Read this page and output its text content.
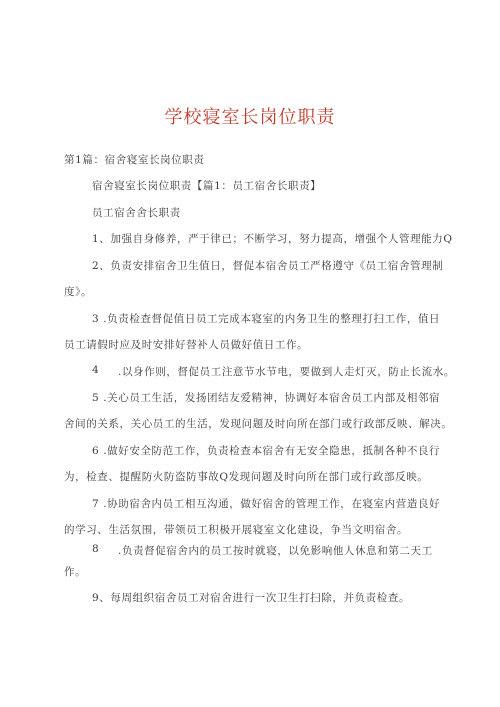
学校寝室长岗位职责
第1篇：宿舍寝室长岗位职责
宿舍寝室长岗位职责【篇1：员工宿舍长职责】
员工宿舍舍长职责
1、加强自身修养，严于律已；不断学习，努力提高，增强个人管理能力Q
2、负责安排宿舍卫生值日，督促本宿舍员工严格遵守《员工宿舍管理制
度》。
3 .负责检查督促值日员工完成本寝室的内务卫生的整理打扫工作，值日
员工请假时应及时安排好替补人员做好值日工作。
4 .以身作则，督促员工注意节水节电，要做到人走灯灭，防止长流水。
5 .关心员工生活，发扬团结友爱精神，协调好本宿舍员工内部及相邻宿
舍间的关系，关心员工的生活，发现问题及时向所在部门或行政部反映、解决。
6 .做好安全防范工作，负责检查本宿舍有无安全隐患，抵制各种不良行
为，检查、提醒防火防盗防事故Q发现问题及时向所在部门或行政部反映。
7 .协助宿舍内员工相互沟通，做好宿舍的管理工作，在寝室内营造良好
的学习、生活氛围，带领员工积极开展寝室文化建设，争当文明宿舍。
8 .负责督促宿舍内的员工按时就寝，以免影响他人休息和第二天工
作。
9、每周组织宿舍员工对宿舍进行一次卫生打扫除，并负责检查。
